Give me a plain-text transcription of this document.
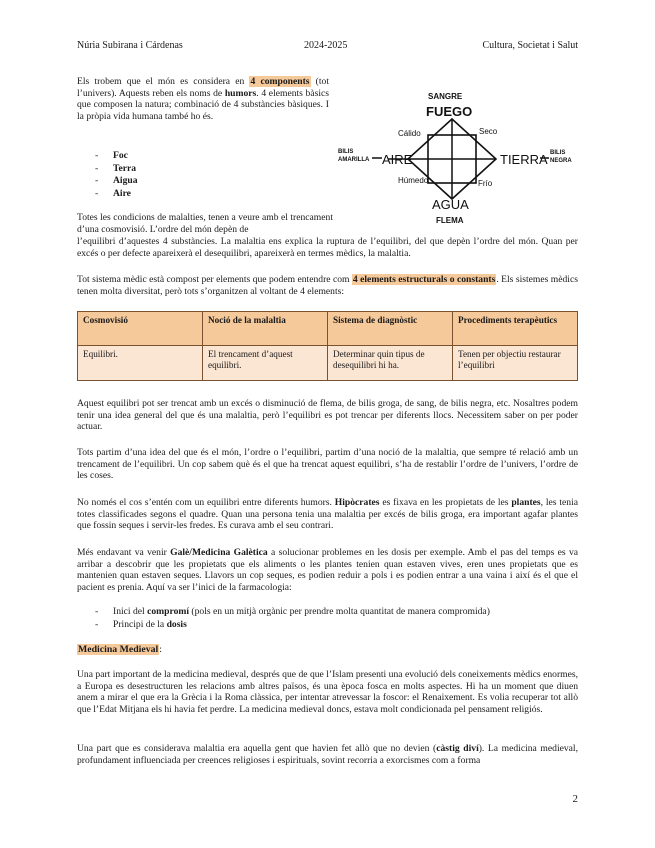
Núria Subirana i Cárdenas	2024-2025	Cultura, Societat i Salut

Els trobem que el món es considera en 4 components (tot l’univers). Aquests reben els noms de humors. 4 elements bàsics que composen la natura; combinació de 4 substàncies bàsiques. I la pròpia vida humana també ho és.

- Foc
- Terra
- Aigua
- Aire
SANGRE
FUEGO
Cálido	Seco
BILIS
AMARILLA AIRE	TIERRA BILIS
NEGRA
Húmedo	Frío
AGUA
FLEMA
Totes les condicions de malalties, tenen a veure amb el trencament d’una cosmovisió. L’ordre del món depèn de
l’equilibri d’aquestes 4 substàncies. La malaltia ens explica la ruptura de l’equilibri, del que depèn l’ordre del món. Quan per excés o per defecte apareixerà el desequilibri, apareixerà en termes mèdics, la malaltia.
Tot sistema mèdic està compost per elements que podem entendre com 4 elements estructurals o constants. Els sistemes mèdics tenen molta diversitat, però tots s’organitzen al voltant de 4 elements:
Cosmovisió	Noció de la malaltia	Sistema de diagnòstic	Procediments terapèutics
Equilibri.	El trencament d’aquest equilibri.	Determinar quin tipus de desequilibri hi ha.	Tenen per objectiu restaurar l’equilibri
Aquest equilibri pot ser trencat amb un excés o disminució de flema, de bilis groga, de sang, de bilis negra, etc. Nosaltres podem tenir una idea general del que és una malaltia, però l’equilibri es pot trencar per diferents llocs. Necessitem saber on per poder actuar.
Tots partim d’una idea del que és el món, l’ordre o l’equilibri, partim d’una noció de la malaltia, que sempre té relació amb un trencament de l’equilibri. Un cop sabem què és el que ha trencat aquest equilibri, s’ha de restablir l’ordre de l’univers, l’ordre de les coses.
No només el cos s’entén com un equilibri entre diferents humors. Hipòcrates es fixava en les propietats de les plantes, les tenia totes classificades segons el quadre. Quan una persona tenia una malaltia per excés de bilis groga, era important agafar plantes que fossin seques i servir-les fredes. Es curava amb el seu contrari.
Més endavant va venir Galè/Medicina Galètica a solucionar problemes en les dosis per exemple. Amb el pas del temps es va arribar a descobrir que les propietats que els aliments o les plantes tenien quan estaven vives, eren unes propietats que es mantenien quan estaven seques. Llavors un cop seques, es podien reduir a pols i es podien entrar a una vaina i així és el que el pacient es prenia. Aquí va ser l’inici de la farmacologia:
- Inici del compromí (pols en un mitjà orgànic per prendre molta quantitat de manera compromida)
- Principi de la dosis
Medicina Medieval:
Una part important de la medicina medieval, després que de que l’Islam presenti una evolució dels coneixements mèdics enormes, a Europa es desestructuren les relacions amb altres països, és una època fosca en molts aspectes. Hi ha un moment que diuen anem a mirar el que era la Grècia i la Roma clàssica, per intentar atrevessar la foscor: el Renaixement. Es volia recuperar tot allò que l’Edat Mitjana els hi havia fet perdre. La medicina medieval doncs, estava molt condicionada pel pensament religiós.
Una part que es considerava malaltia era aquella gent que havien fet allò que no devien (càstig diví). La medicina medieval, profundament influenciada per creences religioses i espirituals, sovint recorria a exorcismes com a forma
2
